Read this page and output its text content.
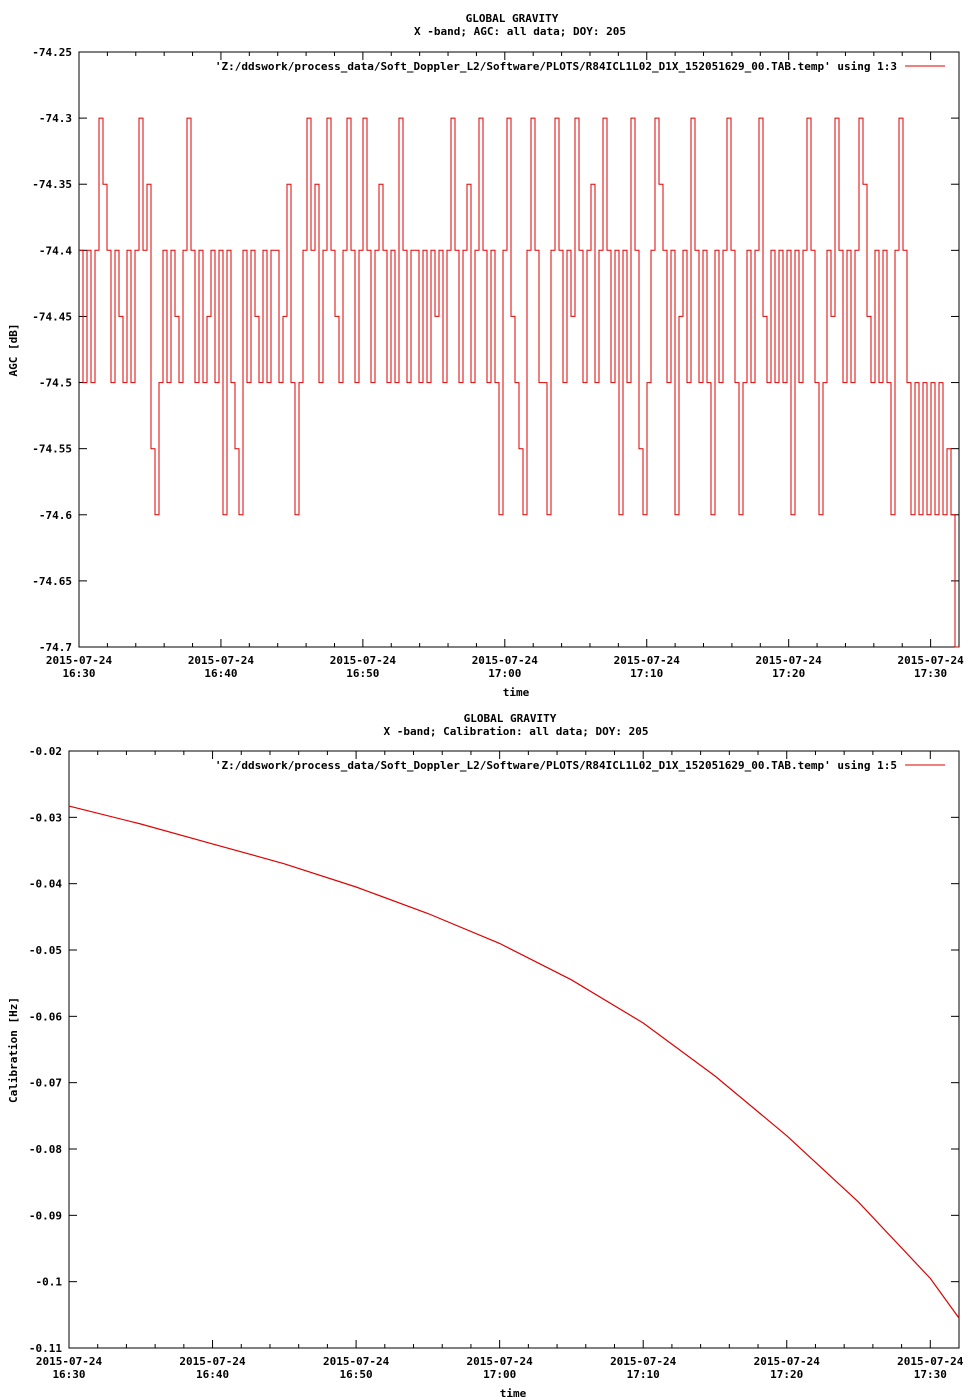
GLOBAL GRAVITY
X -band; AGC: all data; DOY: 205
-74.25
-74.3
-74.35
-74.4
-74.45
-74.5
-74.55
-74.6
-74.65
-74.7
2015-07-24
16:30
2015-07-24
16:40
2015-07-24
16:50
2015-07-24
17:00
2015-07-24
17:10
2015-07-24
17:20
2015-07-24
17:30
AGC [dB]
time
'Z:/ddswork/process_data/Soft_Doppler_L2/Software/PLOTS/R84ICL1L02_D1X_152051629_00.TAB.temp' using 1:3
GLOBAL GRAVITY
X -band; Calibration: all data; DOY: 205
-0.02
-0.03
-0.04
-0.05
-0.06
-0.07
-0.08
-0.09
-0.1
-0.11
2015-07-24
16:30
2015-07-24
16:40
2015-07-24
16:50
2015-07-24
17:00
2015-07-24
17:10
2015-07-24
17:20
2015-07-24
17:30
Calibration [Hz]
time
'Z:/ddswork/process_data/Soft_Doppler_L2/Software/PLOTS/R84ICL1L02_D1X_152051629_00.TAB.temp' using 1:5
